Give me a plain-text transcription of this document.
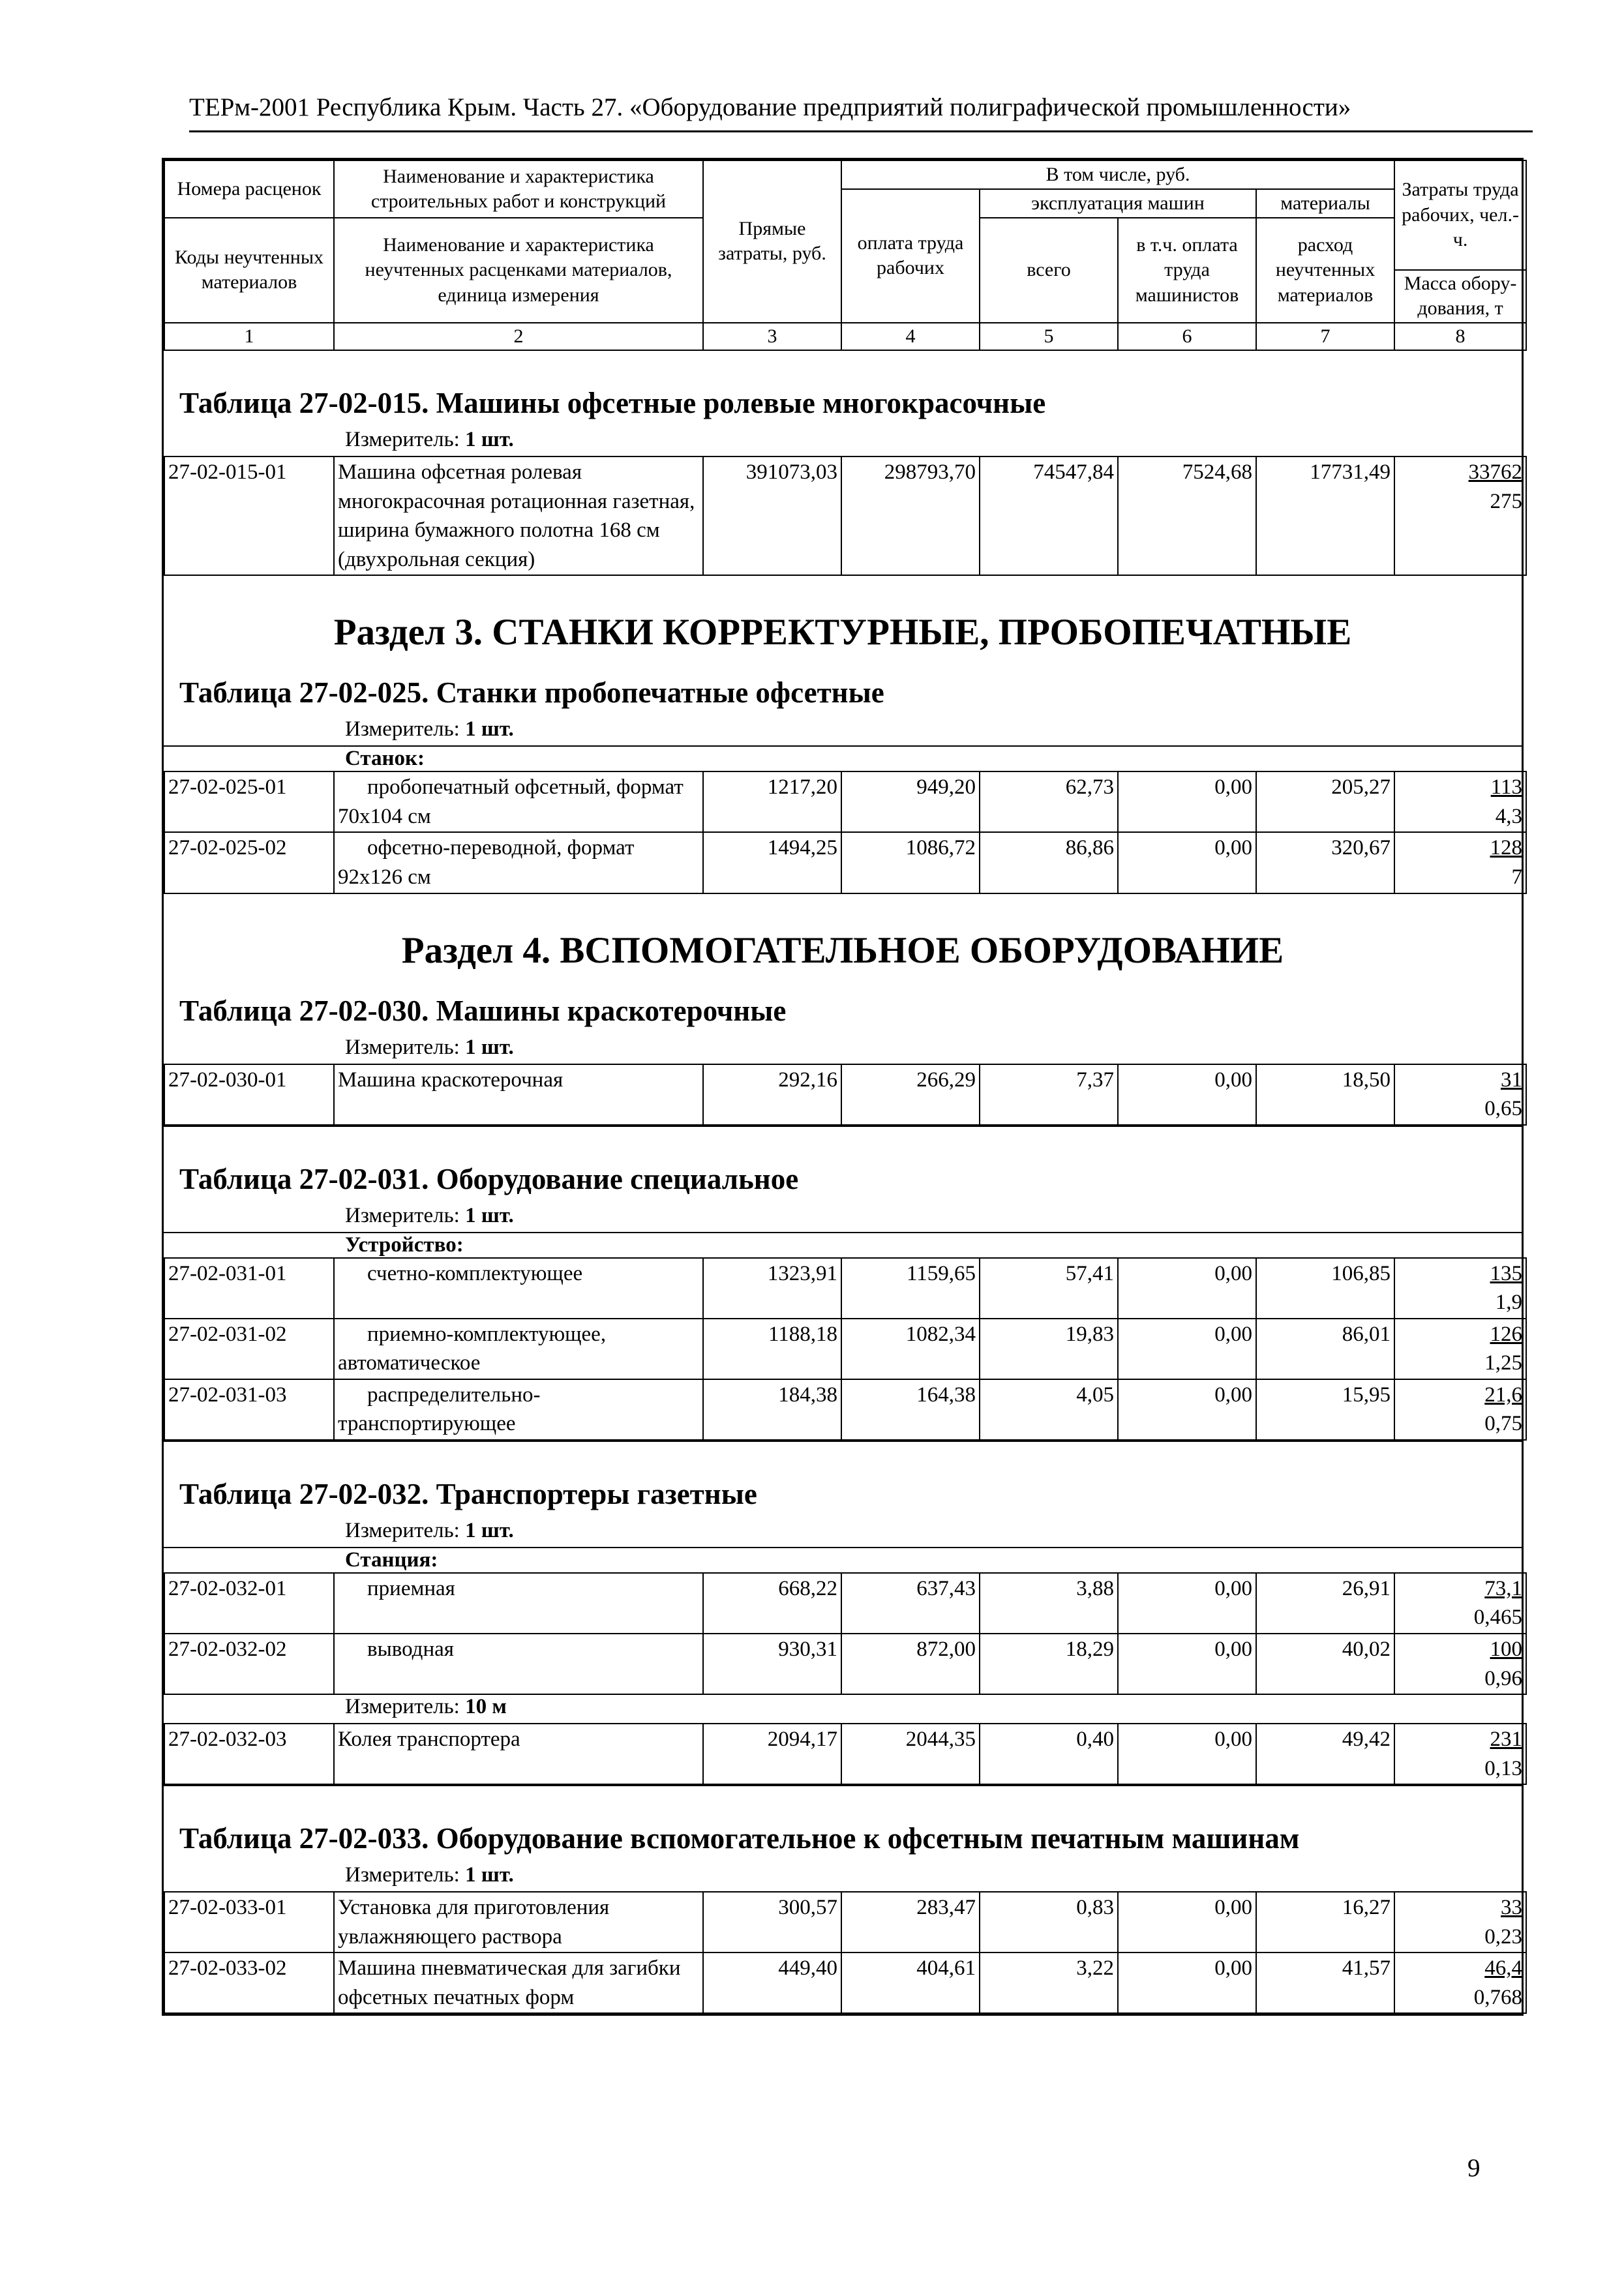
ТЕРм-2001 Республика Крым. Часть 27. «Оборудование предприятий полиграфической промышленности»
Номера расценок	Наименование и характеристика строительных работ и конструкций	Прямые затраты, руб.	В том числе, руб.				Затраты труда рабочих, чел.-ч.
			оплата труда рабочих	эксплуатация машин		материалы	
Коды неучтенных материалов	Наименование и характеристика неучтенных расценками материалов, единица измерения			всего	в т.ч. оплата труда машинистов	расход неучтенных материалов	
							Масса обору-дования, т
1	2	3	4	5	6	7	8
Таблица 27-02-015. Машины офсетные ролевые многокрасочные
Измеритель: 1 шт.
27-02-015-01	Машина офсетная ролевая многокрасочная ротационная газетная, ширина бумажного полотна 168 см (двухрольная секция)	391073,03	298793,70	74547,84	7524,68	17731,49	33762
275
Раздел 3. СТАНКИ КОРРЕКТУРНЫЕ, ПРОБОПЕЧАТНЫЕ
Таблица 27-02-025. Станки пробопечатные офсетные
Измеритель: 1 шт.
Станок:
27-02-025-01	пробопечатный офсетный, формат 70х104 см	1217,20	949,20	62,73	0,00	205,27	113
4,3

27-02-025-02	офсетно-переводной, формат 92х126 см	1494,25	1086,72	86,86	0,00	320,67	128
7
Раздел 4. ВСПОМОГАТЕЛЬНОЕ ОБОРУДОВАНИЕ
Таблица 27-02-030. Машины краскотерочные
Измеритель: 1 шт.
27-02-030-01	Машина краскотерочная	292,16	266,29	7,37	0,00	18,50	31
0,65
Таблица 27-02-031. Оборудование специальное
Измеритель: 1 шт.
Устройство:
27-02-031-01	счетно-комплектующее	1323,91	1159,65	57,41	0,00	106,85	135
1,9

27-02-031-02	приемно-комплектующее, автоматическое	1188,18	1082,34	19,83	0,00	86,01	126
1,25

27-02-031-03	распределительно-транспортирующее	184,38	164,38	4,05	0,00	15,95	21,6
0,75
Таблица 27-02-032. Транспортеры газетные
Измеритель: 1 шт.
Станция:
27-02-032-01	приемная	668,22	637,43	3,88	0,00	26,91	73,1
0,465

27-02-032-02	выводная	930,31	872,00	18,29	0,00	40,02	100
0,96
Измеритель: 10 м
27-02-032-03	Колея транспортера	2094,17	2044,35	0,40	0,00	49,42	231
0,13
Таблица 27-02-033. Оборудование вспомогательное к офсетным печатным машинам
Измеритель: 1 шт.
27-02-033-01	Установка для приготовления увлажняющего раствора	300,57	283,47	0,83	0,00	16,27	33
0,23

27-02-033-02	Машина пневматическая для загибки офсетных печатных форм	449,40	404,61	3,22	0,00	41,57	46,4
0,768
9
